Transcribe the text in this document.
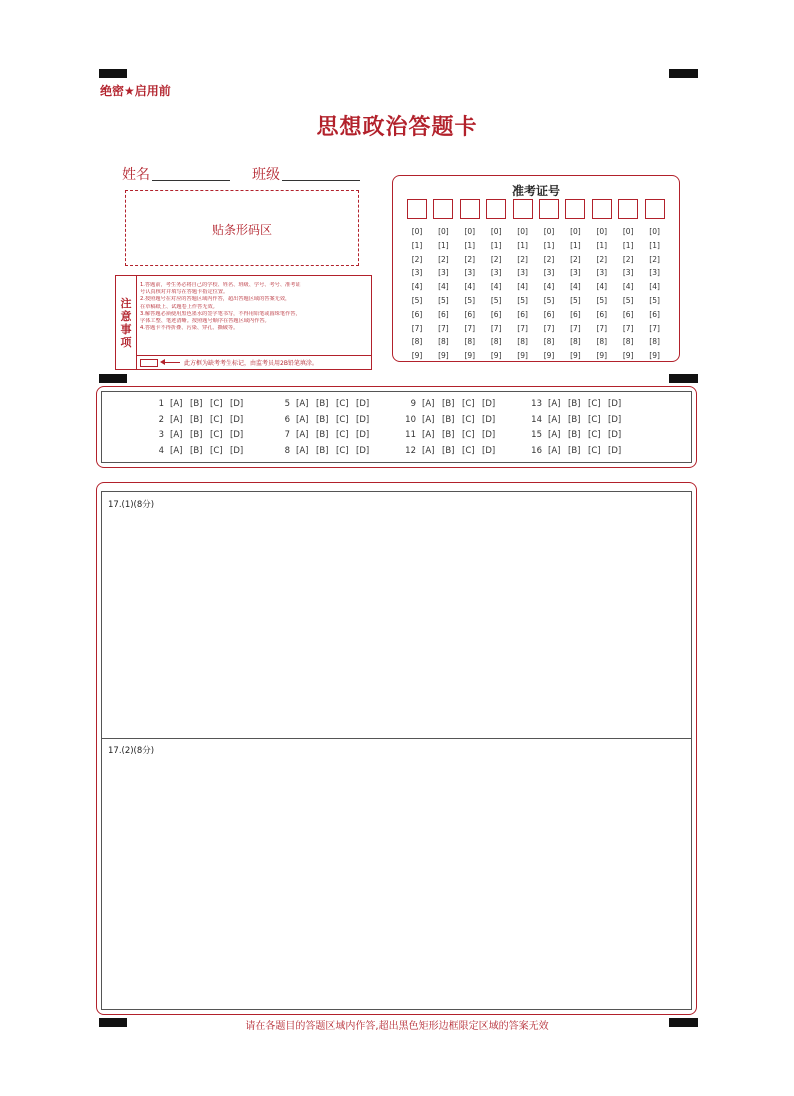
绝密★启用前
思想政治答题卡
姓名	班级
贴条形码区
注
意
事
项
1.答题前，考生务必将自己的学校、姓名、班级、学号、考号、准考证
号认真核对并填写在答题卡指定位置。
2.按照题号在对应的答题区域内作答，超出答题区域的答案无效，
在草稿纸上、试题卷上作答无效。
3.解答题必须使用黑色墨水的签字笔书写，不得用铅笔或圆珠笔作答，
字体工整、笔迹清晰。按照题号顺序在答题区域内作答。
4.答题卡不得折叠、污染、穿孔、撕破等。
此方框为缺考考生标记，由监考员用2B铅笔填涂。
准考证号
[0]
[1]
[2]
[3]
[4]
[5]
[6]
[7]
[8]
[9]
[0]
[1]
[2]
[3]
[4]
[5]
[6]
[7]
[8]
[9]
[0]
[1]
[2]
[3]
[4]
[5]
[6]
[7]
[8]
[9]
[0]
[1]
[2]
[3]
[4]
[5]
[6]
[7]
[8]
[9]
[0]
[1]
[2]
[3]
[4]
[5]
[6]
[7]
[8]
[9]
[0]
[1]
[2]
[3]
[4]
[5]
[6]
[7]
[8]
[9]
[0]
[1]
[2]
[3]
[4]
[5]
[6]
[7]
[8]
[9]
[0]
[1]
[2]
[3]
[4]
[5]
[6]
[7]
[8]
[9]
[0]
[1]
[2]
[3]
[4]
[5]
[6]
[7]
[8]
[9]
[0]
[1]
[2]
[3]
[4]
[5]
[6]
[7]
[8]
[9]
1 [A] [B] [C] [D]
2 [A] [B] [C] [D]
3 [A] [B] [C] [D]
4 [A] [B] [C] [D]
5 [A] [B] [C] [D]
6 [A] [B] [C] [D]
7 [A] [B] [C] [D]
8 [A] [B] [C] [D]
9 [A] [B] [C] [D]
10 [A] [B] [C] [D]
11 [A] [B] [C] [D]
12 [A] [B] [C] [D]
13 [A] [B] [C] [D]
14 [A] [B] [C] [D]
15 [A] [B] [C] [D]
16 [A] [B] [C] [D]
17.(1)(8分)
17.(2)(8分)
请在各题目的答题区域内作答,超出黑色矩形边框限定区域的答案无效
